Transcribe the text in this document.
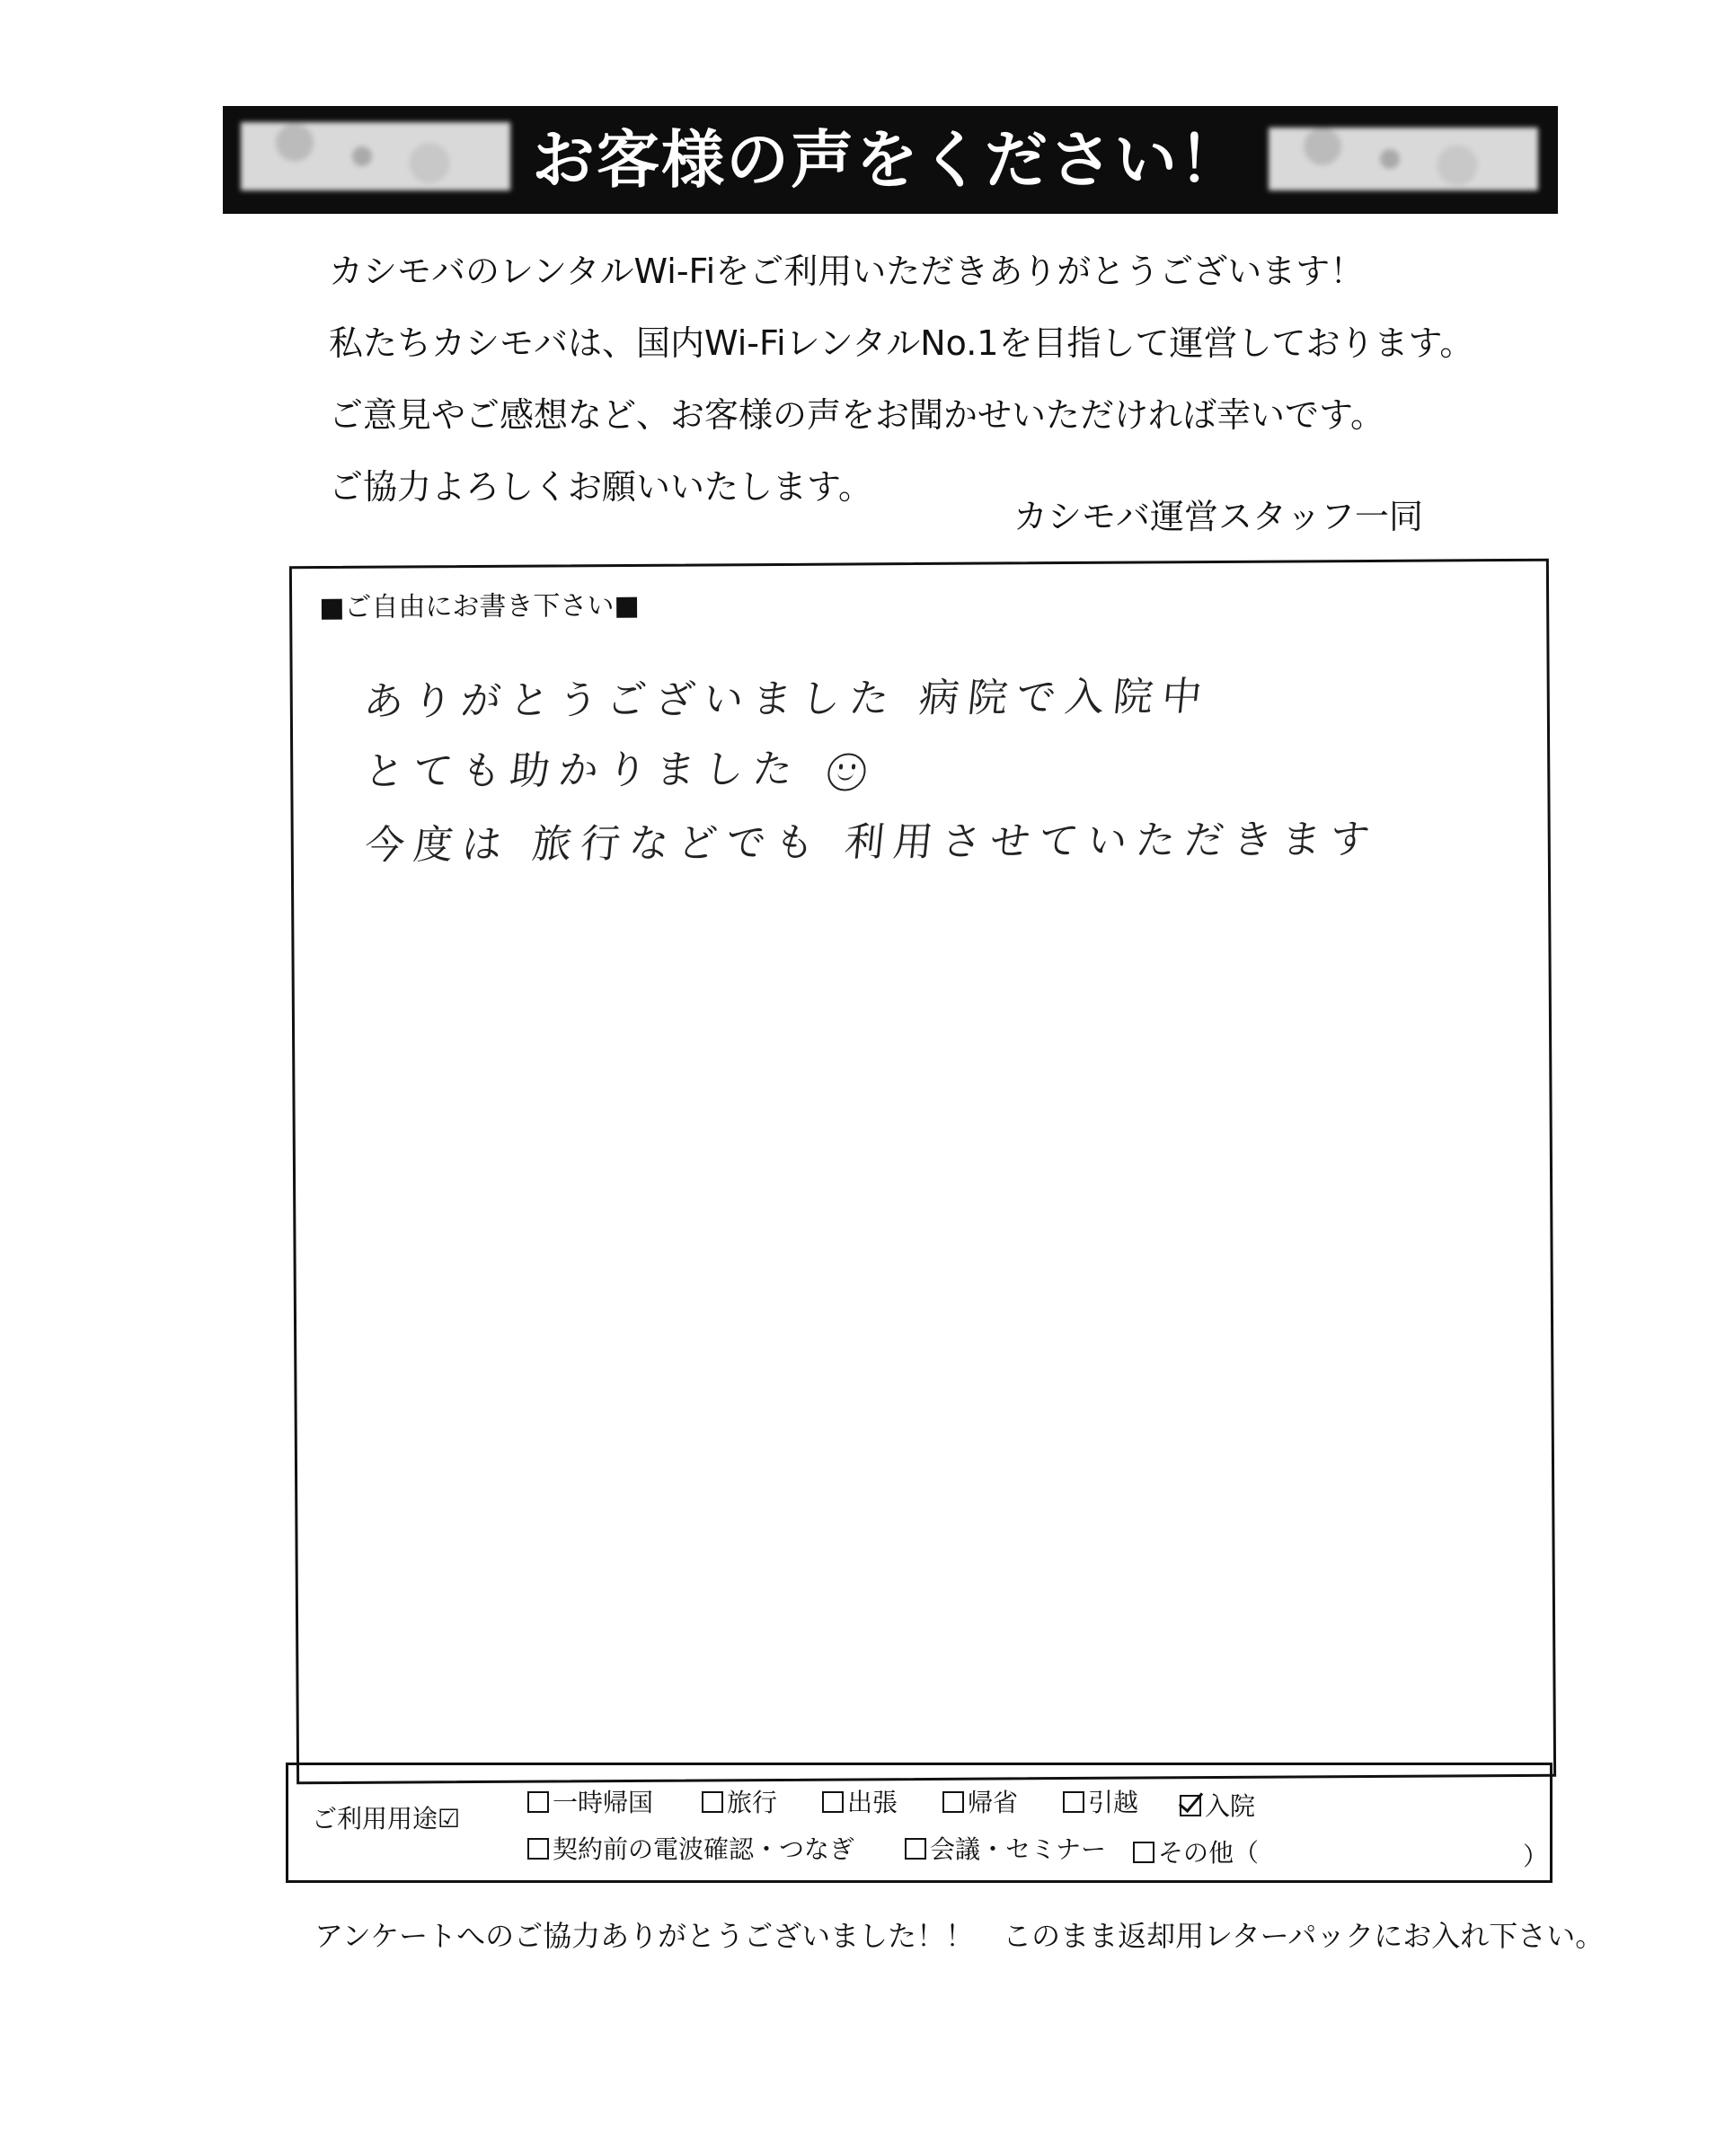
お客様の声をください！

カシモバのレンタルWi-Fiをご利用いただきありがとうございます！

私たちカシモバは、国内Wi-FiレンタルNo.1を目指して運営しております。

ご意見やご感想など、お客様の声をお聞かせいただければ幸いです。

ご協力よろしくお願いいたします。

カシモバ運営スタッフ一同
■ご自由にお書き下さい■
ありがとうございました 病院で入院中
とても助かりました
今度は 旅行などでも 利用させていただきます
ご利用用途☑
一時帰国	旅行	出張	帰省	引越	入院
契約前の電波確認・つなぎ	会議・セミナー	その他（	）
アンケートへのご協力ありがとうございました！！　このまま返却用レターパックにお入れ下さい。
